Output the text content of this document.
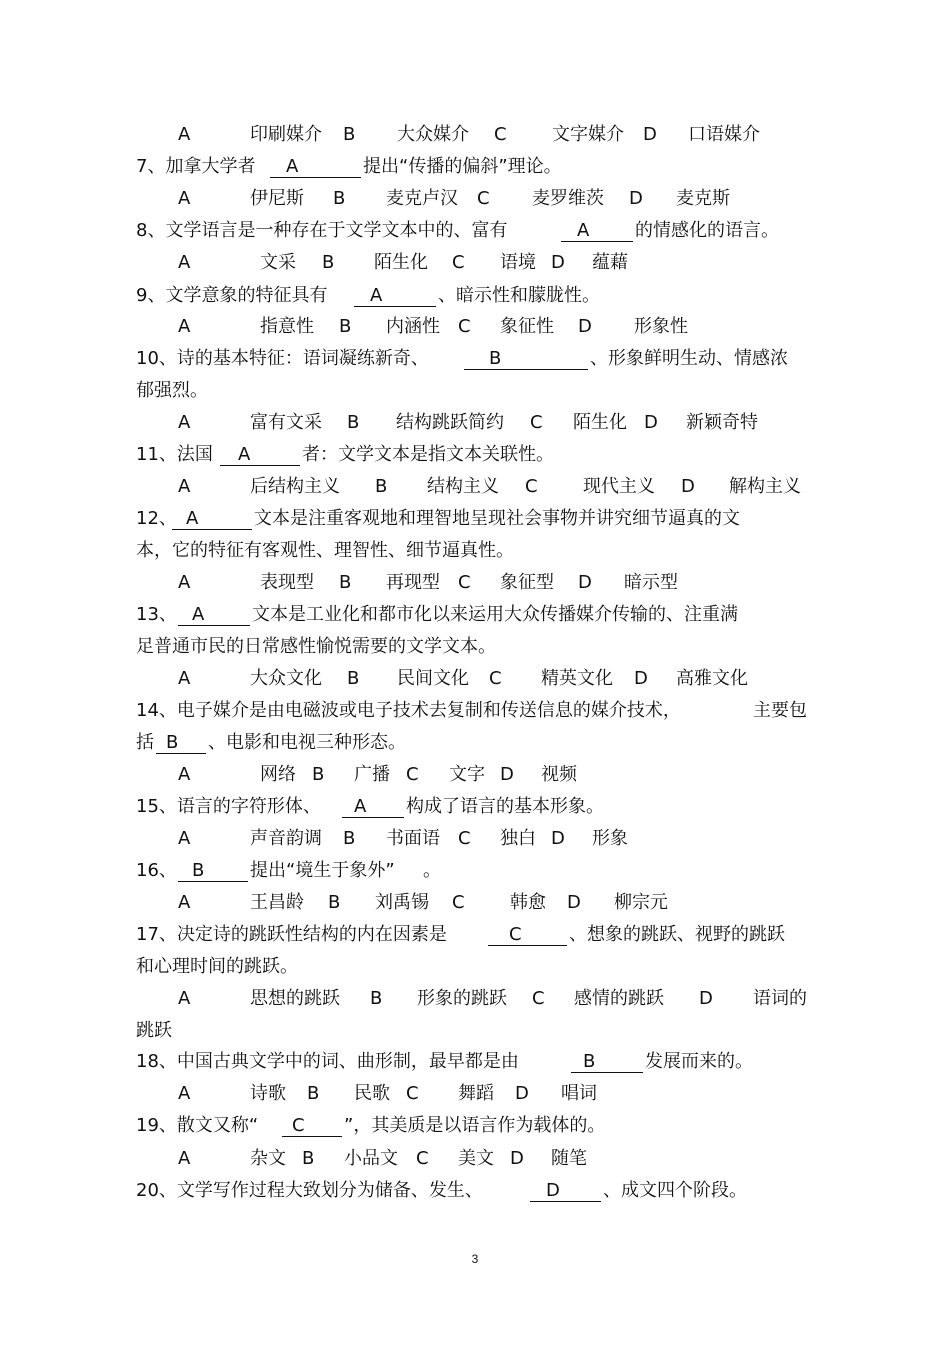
A	印刷媒介 B 大众媒介 C	文字媒介 D 口语媒介
7、加拿大学者 A	提出“传播的偏斜”理论。
A	伊尼斯 B 麦克卢汉 C 麦罗维茨 D 麦克斯
8、文学语言是一种存在于文学文本中的、富有	A	的情感化的语言。
A	文采 B 陌生化 C 语境 D 蕴藉
9、文学意象的特征具有 A	、暗示性和朦胧性。
A	指意性 B 内涵性 C 象征性 D 形象性
10、诗的基本特征：语词凝练新奇、	B	、形象鲜明生动、情感浓
郁强烈。
A	富有文采 B 结构跳跃简约 C 陌生化 D 新颖奇特
11、法国 A	者：文学文本是指文本关联性。
A	后结构主义 B 结构主义 C	现代主义 D 解构主义
12、 A	文本是注重客观地和理智地呈现社会事物并讲究细节逼真的文
本，它的特征有客观性、理智性、细节逼真性。
A	表现型 B 再现型 C 象征型 D 暗示型
13、 A	文本是工业化和都市化以来运用大众传播媒介传输的、注重满
足普通市民的日常感性愉悦需要的文学文本。
A	大众文化 B 民间文化 C 精英文化 D 高雅文化
14、电子媒介是由电磁波或电子技术去复制和传送信息的媒介技术，	主要包
括 B 、电影和电视三种形态。
A	网络 B 广播 C 文字 D 视频
15、语言的字符形体、 A 构成了语言的基本形象。
A	声音韵调 B 书面语 C 独白 D 形象
16、 B	提出“境生于象外” 。
A	王昌龄 B 刘禹锡 C	韩愈 D 柳宗元
17、决定诗的跳跃性结构的内在因素是	C	、想象的跳跃、视野的跳跃
和心理时间的跳跃。
A	思想的跳跃 B 形象的跳跃 C 感情的跳跃 D 语词的
跳跃
18、中国古典文学中的词、曲形制，最早都是由	B	发展而来的。
A	诗歌 B 民歌 C 舞蹈 D 唱词
19、散文又称“ C ”，其美质是以语言作为载体的。
A	杂文 B 小品文 C 美文 D 随笔
20、文学写作过程大致划分为储备、发生、	D 、成文四个阶段。
3
